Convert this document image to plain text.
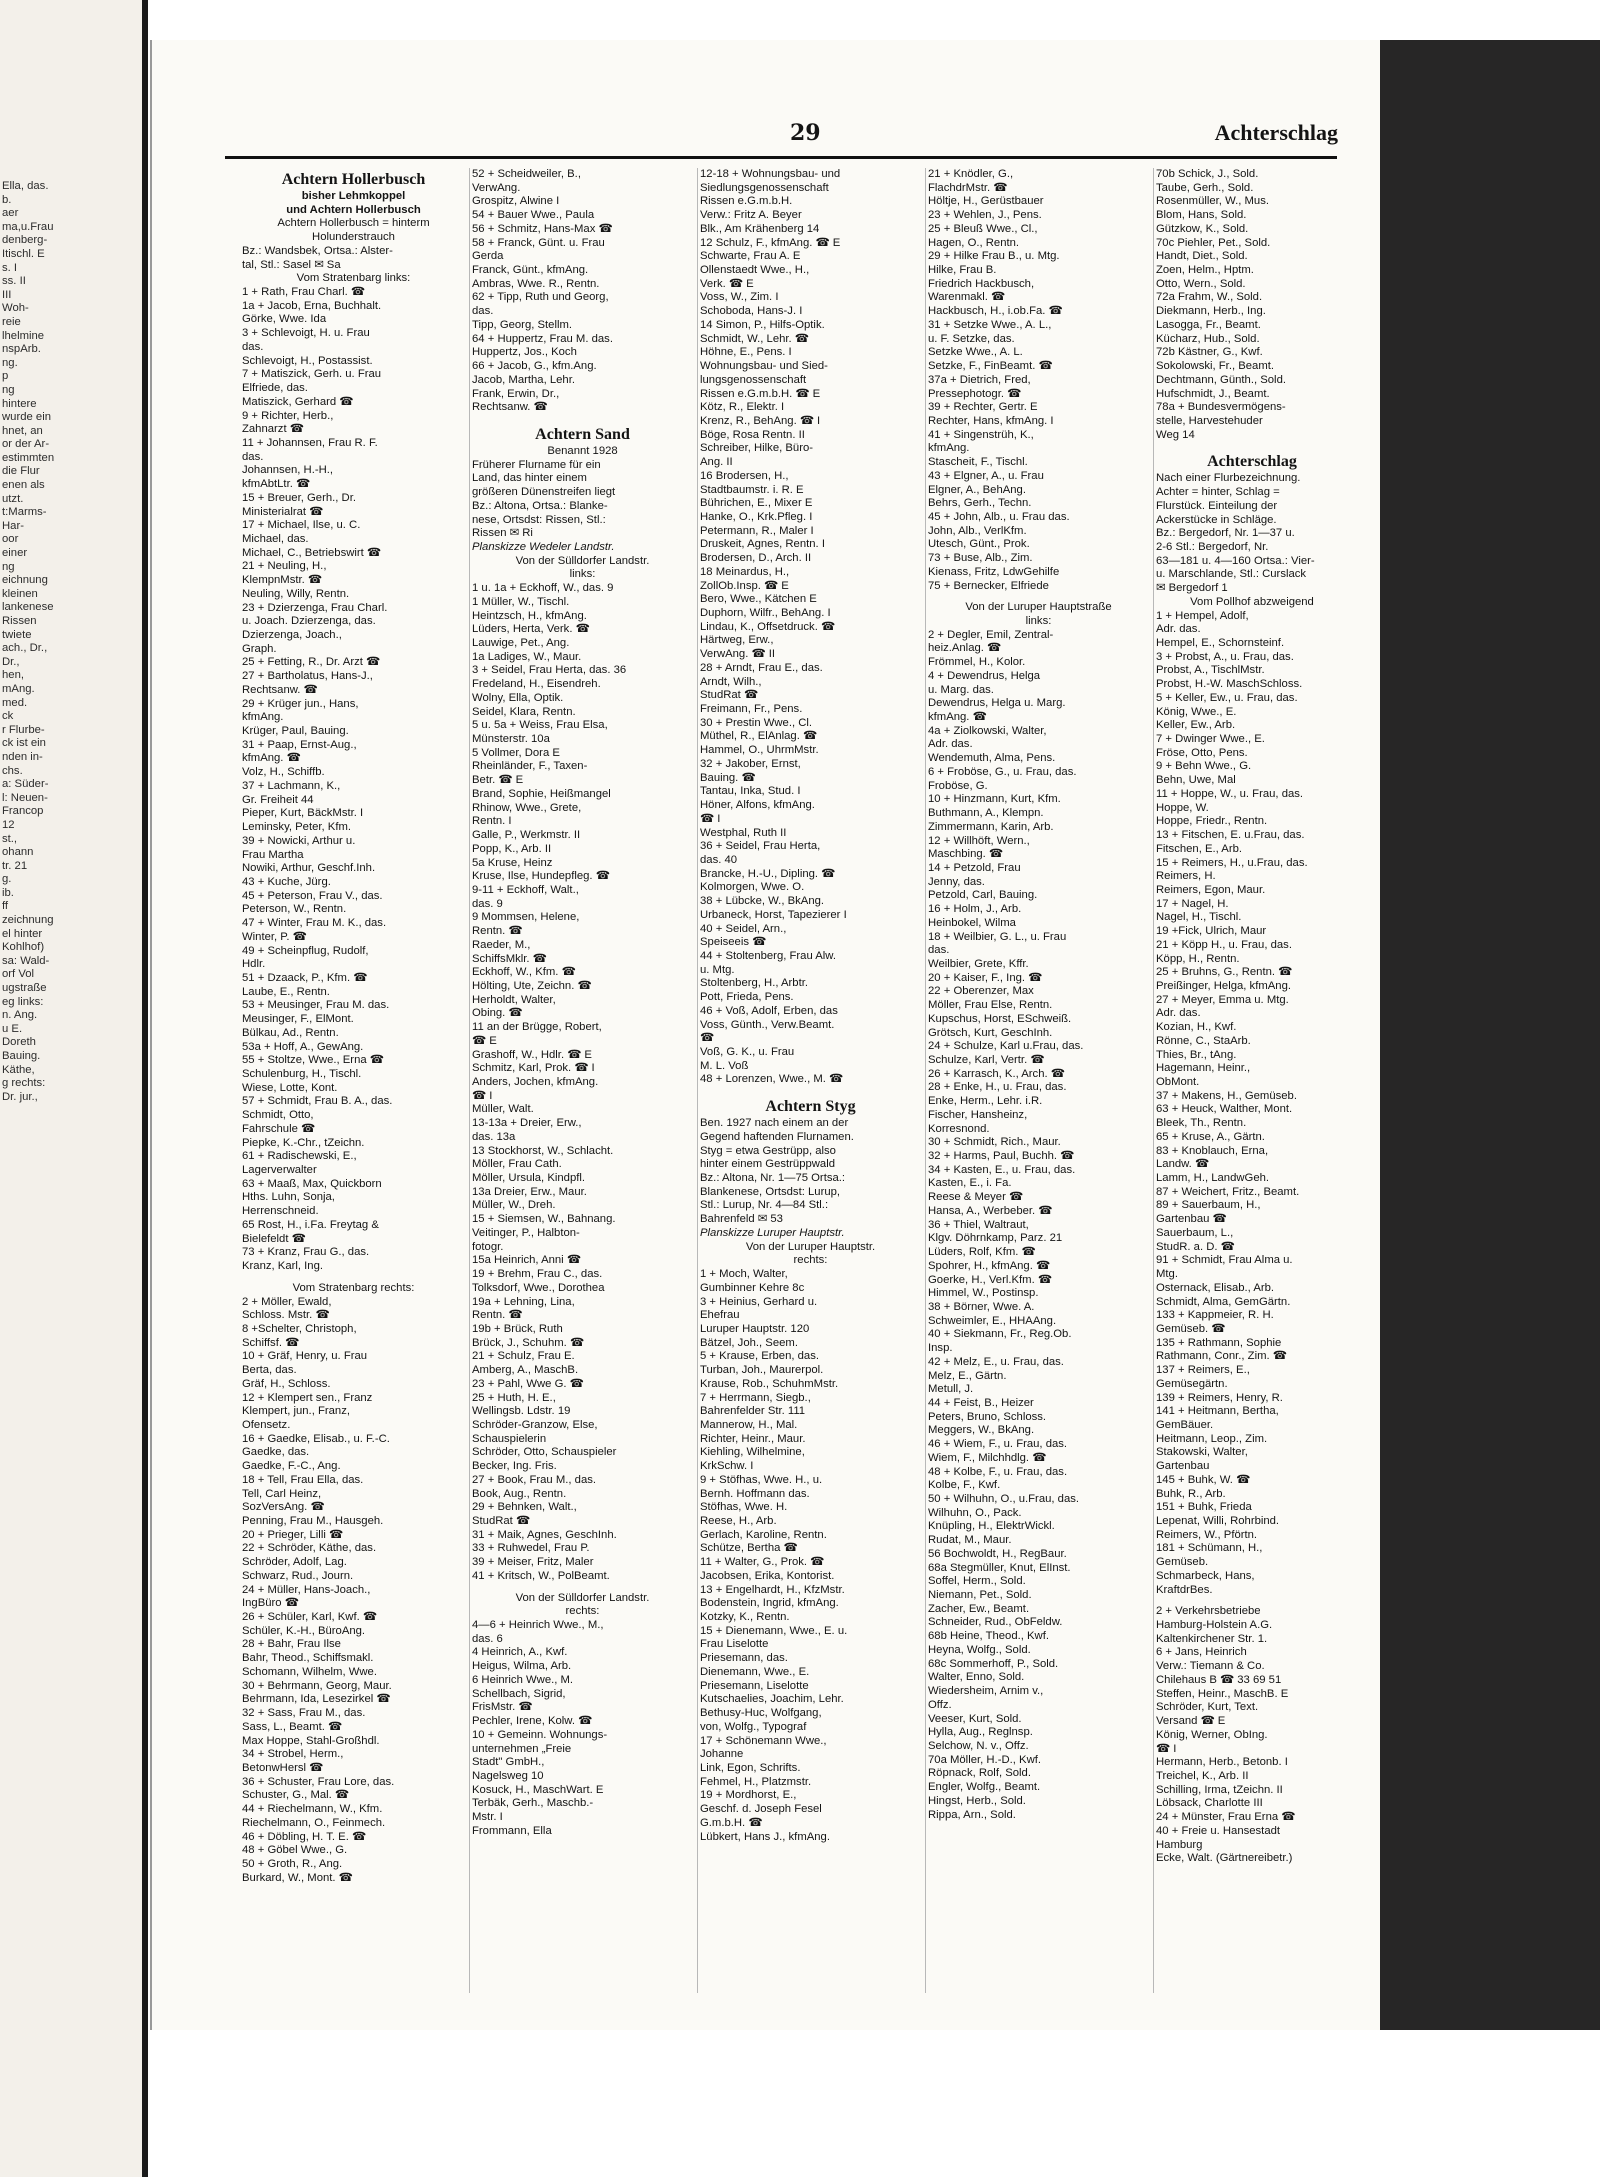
Ella, das.

b.

aer

ma,u.Frau

denberg-

Itischl. E

s. I

ss. II

III

Woh-

reie

lhelmine

nspArb.

ng.

p

ng

hintere

wurde ein

hnet, an

or der Ar-

estimmten

die Flur

enen als

utzt.

t:Marms-

Har-

oor

einer

ng

eichnung

kleinen

lankenese

Rissen

twiete

ach., Dr.,

Dr.,

hen,

mAng.

med.

ck

r Flurbe-

ck ist ein

nden in-

chs.

a: Süder-

l: Neuen-

Francop

12

st.,

ohann

tr. 21

g.

ib.

ff

zeichnung

el hinter

Kohlhof)

sa: Wald-

orf Vol

ugstraße

eg links:

n. Ang.

u E.

Doreth

Bauing.

Käthe,

g rechts:

Dr. jur.,

29	Achterschlag

Achtern Hollerbusch

bisher Lehmkoppel

und Achtern Hollerbusch

Achtern Hollerbusch = hinterm

Holunderstrauch

Bz.: Wandsbek, Ortsa.: Alster-

tal, Stl.: Sasel ✉ Sa

Vom Stratenbarg links:

1 + Rath, Frau Charl. ☎

1a + Jacob, Erna, Buchhalt.

Görke, Wwe. Ida

3 + Schlevoigt, H. u. Frau

das.

Schlevoigt, H., Postassist.

7 + Matiszick, Gerh. u. Frau

Elfriede, das.

Matiszick, Gerhard ☎

9 + Richter, Herb.,

Zahnarzt ☎

11 + Johannsen, Frau R. F.

das.

Johannsen, H.-H.,

kfmAbtLtr. ☎

15 + Breuer, Gerh., Dr.

Ministerialrat ☎

17 + Michael, Ilse, u. C.

Michael, das.

Michael, C., Betriebswirt ☎

21 + Neuling, H.,

KlempnMstr. ☎

Neuling, Willy, Rentn.

23 + Dzierzenga, Frau Charl.

u. Joach. Dzierzenga, das.

Dzierzenga, Joach.,

Graph.

25 + Fetting, R., Dr. Arzt ☎

27 + Bartholatus, Hans-J.,

Rechtsanw. ☎

29 + Krüger jun., Hans,

kfmAng.

Krüger, Paul, Bauing.

31 + Paap, Ernst-Aug.,

kfmAng. ☎

Volz, H., Schiffb.

37 + Lachmann, K.,

Gr. Freiheit 44

Pieper, Kurt, BäckMstr. I

Leminsky, Peter, Kfm.

39 + Nowicki, Arthur u.

Frau Martha

Nowiki, Arthur, Geschf.Inh.

43 + Kuche, Jürg.

45 + Peterson, Frau V., das.

Peterson, W., Rentn.

47 + Winter, Frau M. K., das.

Winter, P. ☎

49 + Scheinpflug, Rudolf,

Hdlr.

51 + Dzaack, P., Kfm. ☎

Laube, E., Rentn.

53 + Meusinger, Frau M. das.

Meusinger, F., ElMont.

Bülkau, Ad., Rentn.

53a + Hoff, A., GewAng.

55 + Stoltze, Wwe., Erna ☎

Schulenburg, H., Tischl.

Wiese, Lotte, Kont.

57 + Schmidt, Frau B. A., das.

Schmidt, Otto,

Fahrschule ☎

Piepke, K.-Chr., tZeichn.

61 + Radischewski, E.,

Lagerverwalter

63 + Maaß, Max, Quickborn

Hths. Luhn, Sonja,

Herrenschneid.

65 Rost, H., i.Fa. Freytag &

Bielefeldt ☎

73 + Kranz, Frau G., das.

Kranz, Karl, Ing.

Vom Stratenbarg rechts:

2 + Möller, Ewald,

Schloss. Mstr. ☎

8 +Schelter, Christoph,

Schiffsf. ☎

10 + Gräf, Henry, u. Frau

Berta, das.

Gräf, H., Schloss.

12 + Klempert sen., Franz

Klempert, jun., Franz,

Ofensetz.

16 + Gaedke, Elisab., u. F.-C.

Gaedke, das.

Gaedke, F.-C., Ang.

18 + Tell, Frau Ella, das.

Tell, Carl Heinz,

SozVersAng. ☎

Penning, Frau M., Hausgeh.

20 + Prieger, Lilli ☎

22 + Schröder, Käthe, das.

Schröder, Adolf, Lag.

Schwarz, Rud., Journ.

24 + Müller, Hans-Joach.,

IngBüro ☎

26 + Schüler, Karl, Kwf. ☎

Schüler, K.-H., BüroAng.

28 + Bahr, Frau Ilse

Bahr, Theod., Schiffsmakl.

Schomann, Wilhelm, Wwe.

30 + Behrmann, Georg, Maur.

Behrmann, Ida, Lesezirkel ☎

32 + Sass, Frau M., das.

Sass, L., Beamt. ☎

Max Hoppe, Stahl-Großhdl.

34 + Strobel, Herm.,

BetonwHersl ☎

36 + Schuster, Frau Lore, das.

Schuster, G., Mal. ☎

44 + Riechelmann, W., Kfm.

Riechelmann, O., Feinmech.

46 + Döbling, H. T. E. ☎

48 + Göbel Wwe., G.

50 + Groth, R., Ang.

Burkard, W., Mont. ☎

52 + Scheidweiler, B.,

VerwAng.

Grospitz, Alwine I

54 + Bauer Wwe., Paula

56 + Schmitz, Hans-Max ☎

58 + Franck, Günt. u. Frau

Gerda

Franck, Günt., kfmAng.

Ambras, Wwe. R., Rentn.

62 + Tipp, Ruth und Georg,

das.

Tipp, Georg, Stellm.

64 + Huppertz, Frau M. das.

Huppertz, Jos., Koch

66 + Jacob, G., kfm.Ang.

Jacob, Martha, Lehr.

Frank, Erwin, Dr.,

Rechtsanw. ☎

Achtern Sand

Benannt 1928

Früherer Flurname für ein

Land, das hinter einem

größeren Dünenstreifen liegt

Bz.: Altona, Ortsa.: Blanke-

nese, Ortsdst: Rissen, Stl.:

Rissen ✉ Ri

Planskizze Wedeler Landstr.

Von der Sülldorfer Landstr.

links:

1 u. 1a + Eckhoff, W., das. 9

1 Müller, W., Tischl.

Heintzsch, H., kfmAng.

Lüders, Herta, Verk. ☎

Lauwige, Pet., Ang.

1a Ladiges, W., Maur.

3 + Seidel, Frau Herta, das. 36

Fredeland, H., Eisendreh.

Wolny, Ella, Optik.

Seidel, Klara, Rentn.

5 u. 5a + Weiss, Frau Elsa,

Münsterstr. 10a

5 Vollmer, Dora E

Rheinländer, F., Taxen-

Betr. ☎ E

Brand, Sophie, Heißmangel

Rhinow, Wwe., Grete,

Rentn. I

Galle, P., Werkmstr. II

Popp, K., Arb. II

5a Kruse, Heinz

Kruse, Ilse, Hundepfleg. ☎

9-11 + Eckhoff, Walt.,

das. 9

9 Mommsen, Helene,

Rentn. ☎

Raeder, M.,

SchiffsMklr. ☎

Eckhoff, W., Kfm. ☎

Hölting, Ute, Zeichn. ☎

Herholdt, Walter,

Obing. ☎

11 an der Brügge, Robert,

☎ E

Grashoff, W., Hdlr. ☎ E

Schmitz, Karl, Prok. ☎ I

Anders, Jochen, kfmAng.

☎ I

Müller, Walt.

13-13a + Dreier, Erw.,

das. 13a

13 Stockhorst, W., Schlacht.

Möller, Frau Cath.

Möller, Ursula, Kindpfl.

13a Dreier, Erw., Maur.

Müller, W., Dreh.

15 + Siemsen, W., Bahnang.

Veitinger, P., Halbton-

fotogr.

15a Heinrich, Anni ☎

19 + Brehm, Frau C., das.

Tolksdorf, Wwe., Dorothea

19a + Lehning, Lina,

Rentn. ☎

19b + Brück, Ruth

Brück, J., Schuhm. ☎

21 + Schulz, Frau E.

Amberg, A., MaschB.

23 + Pahl, Wwe G. ☎

25 + Huth, H. E.,

Wellingsb. Ldstr. 19

Schröder-Granzow, Else,

Schauspielerin

Schröder, Otto, Schauspieler

Becker, Ing. Fris.

27 + Book, Frau M., das.

Book, Aug., Rentn.

29 + Behnken, Walt.,

StudRat ☎

31 + Maik, Agnes, GeschInh.

33 + Ruhwedel, Frau P.

39 + Meiser, Fritz, Maler

41 + Kritsch, W., PolBeamt.

Von der Sülldorfer Landstr.

rechts:

4—6 + Heinrich Wwe., M.,

das. 6

4 Heinrich, A., Kwf.

Heigus, Wilma, Arb.

6 Heinrich Wwe., M.

Schellbach, Sigrid,

FrisMstr. ☎

Pechler, Irene, Kolw. ☎

10 + Gemeinn. Wohnungs-

unternehmen „Freie

Stadt" GmbH.,

Nagelsweg 10

Kosuck, H., MaschWart. E

Terbäk, Gerh., Maschb.-

Mstr. I

Frommann, Ella

12-18 + Wohnungsbau- und

Siedlungsgenossenschaft

Rissen e.G.m.b.H.

Verw.: Fritz A. Beyer

Blk., Am Krähenberg 14

12 Schulz, F., kfmAng. ☎ E

Schwarte, Frau A. E

Ollenstaedt Wwe., H.,

Verk. ☎ E

Voss, W., Zim. I

Schoboda, Hans-J. I

14 Simon, P., Hilfs-Optik.

Schmidt, W., Lehr. ☎

Höhne, E., Pens. I

Wohnungsbau- und Sied-

lungsgenossenschaft

Rissen e.G.m.b.H. ☎ E

Kötz, R., Elektr. I

Krenz, R., BehAng. ☎ I

Böge, Rosa Rentn. II

Schreiber, Hilke, Büro-

Ang. II

16 Brodersen, H.,

Stadtbaumstr. i. R. E

Bührichen, E., Mixer E

Hanke, O., Krk.Pfleg. I

Petermann, R., Maler I

Druskeit, Agnes, Rentn. I

Brodersen, D., Arch. II

18 Meinardus, H.,

ZollOb.Insp. ☎ E

Bero, Wwe., Kätchen E

Duphorn, Wilfr., BehAng. I

Lindau, K., Offsetdruck. ☎

Härtweg, Erw.,

VerwAng. ☎ II

28 + Arndt, Frau E., das.

Arndt, Wilh.,

StudRat ☎

Freimann, Fr., Pens.

30 + Prestin Wwe., Cl.

Müthel, R., ElAnlag. ☎

Hammel, O., UhrmMstr.

32 + Jakober, Ernst,

Bauing. ☎

Tantau, Inka, Stud. I

Höner, Alfons, kfmAng.

☎ I

Westphal, Ruth II

36 + Seidel, Frau Herta,

das. 40

Brancke, H.-U., Dipling. ☎

Kolmorgen, Wwe. O.

38 + Lübcke, W., BkAng.

Urbaneck, Horst, Tapezierer I

40 + Seidel, Arn.,

Speiseeis ☎

44 + Stoltenberg, Frau Alw.

u. Mtg.

Stoltenberg, H., Arbtr.

Pott, Frieda, Pens.

46 + Voß, Adolf, Erben, das

Voss, Günth., Verw.Beamt.

☎

Voß, G. K., u. Frau

M. L. Voß

48 + Lorenzen, Wwe., M. ☎

Achtern Styg

Ben. 1927 nach einem an der

Gegend haftenden Flurnamen.

Styg = etwa Gestrüpp, also

hinter einem Gestrüppwald

Bz.: Altona, Nr. 1—75 Ortsa.:

Blankenese, Ortsdst: Lurup,

Stl.: Lurup, Nr. 4—84 Stl.:

Bahrenfeld ✉ 53

Planskizze Luruper Hauptstr.

Von der Luruper Hauptstr.

rechts:

1 + Moch, Walter,

Gumbinner Kehre 8c

3 + Heinius, Gerhard u.

Ehefrau

Luruper Hauptstr. 120

Bätzel, Joh., Seem.

5 + Krause, Erben, das.

Turban, Joh., Maurerpol.

Krause, Rob., SchuhmMstr.

7 + Herrmann, Siegb.,

Bahrenfelder Str. 111

Mannerow, H., Mal.

Richter, Heinr., Maur.

Kiehling, Wilhelmine,

KrkSchw. I

9 + Stöfhas, Wwe. H., u.

Bernh. Hoffmann das.

Stöfhas, Wwe. H.

Reese, H., Arb.

Gerlach, Karoline, Rentn.

Schütze, Bertha ☎

11 + Walter, G., Prok. ☎

Jacobsen, Erika, Kontorist.

13 + Engelhardt, H., KfzMstr.

Bodenstein, Ingrid, kfmAng.

Kotzky, K., Rentn.

15 + Dienemann, Wwe., E. u.

Frau Liselotte

Priesemann, das.

Dienemann, Wwe., E.

Priesemann, Liselotte

Kutschaelies, Joachim, Lehr.

Bethusy-Huc, Wolfgang,

von, Wolfg., Typograf

17 + Schönemann Wwe.,

Johanne

Link, Egon, Schrifts.

Fehmel, H., Platzmstr.

19 + Mordhorst, E.,

Geschf. d. Joseph Fesel

G.m.b.H. ☎

Lübkert, Hans J., kfmAng.

21 + Knödler, G.,

FlachdrMstr. ☎

Höltje, H., Gerüstbauer

23 + Wehlen, J., Pens.

25 + Bleuß Wwe., Cl.,

Hagen, O., Rentn.

29 + Hilke Frau B., u. Mtg.

Hilke, Frau B.

Friedrich Hackbusch,

Warenmakl. ☎

Hackbusch, H., i.ob.Fa. ☎

31 + Setzke Wwe., A. L.,

u. F. Setzke, das.

Setzke Wwe., A. L.

Setzke, F., FinBeamt. ☎

37a + Dietrich, Fred,

Pressephotogr. ☎

39 + Rechter, Gertr. E

Rechter, Hans, kfmAng. I

41 + Singenstrüh, K.,

kfmAng.

Stascheit, F., Tischl.

43 + Elgner, A., u. Frau

Elgner, A., BehAng.

Behrs, Gerh., Techn.

45 + John, Alb., u. Frau das.

John, Alb., VerlKfm.

Utesch, Günt., Prok.

73 + Buse, Alb., Zim.

Kienass, Fritz, LdwGehilfe

75 + Bernecker, Elfriede

Von der Luruper Hauptstraße

links:

2 + Degler, Emil, Zentral-

heiz.Anlag. ☎

Frömmel, H., Kolor.

4 + Dewendrus, Helga

u. Marg. das.

Dewendrus, Helga u. Marg.

kfmAng. ☎

4a + Ziolkowski, Walter,

Adr. das.

Wendemuth, Alma, Pens.

6 + Froböse, G., u. Frau, das.

Froböse, G.

10 + Hinzmann, Kurt, Kfm.

Buthmann, A., Klempn.

Zimmermann, Karin, Arb.

12 + Willhöft, Wern.,

Maschbing. ☎

14 + Petzold, Frau

Jenny, das.

Petzold, Carl, Bauing.

16 + Holm, J., Arb.

Heinbokel, Wilma

18 + Weilbier, G. L., u. Frau

das.

Weilbier, Grete, Kffr.

20 + Kaiser, F., Ing. ☎

22 + Oberenzer, Max

Möller, Frau Else, Rentn.

Kupschus, Horst, ESchweiß.

Grötsch, Kurt, GeschInh.

24 + Schulze, Karl u.Frau, das.

Schulze, Karl, Vertr. ☎

26 + Karrasch, K., Arch. ☎

28 + Enke, H., u. Frau, das.

Enke, Herm., Lehr. i.R.

Fischer, Hansheinz,

Korresnond.

30 + Schmidt, Rich., Maur.

32 + Harms, Paul, Buchh. ☎

34 + Kasten, E., u. Frau, das.

Kasten, E., i. Fa.

Reese & Meyer ☎

Hansa, A., Werbeber. ☎

36 + Thiel, Waltraut,

Klgv. Döhrnkamp, Parz. 21

Lüders, Rolf, Kfm. ☎

Spohrer, H., kfmAng. ☎

Goerke, H., Verl.Kfm. ☎

Himmel, W., Postinsp.

38 + Börner, Wwe. A.

Schweimler, E., HHAAng.

40 + Siekmann, Fr., Reg.Ob.

Insp.

42 + Melz, E., u. Frau, das.

Melz, E., Gärtn.

Metull, J.

44 + Feist, B., Heizer

Peters, Bruno, Schloss.

Meggers, W., BkAng.

46 + Wiem, F., u. Frau, das.

Wiem, F., Milchhdlg. ☎

48 + Kolbe, F., u. Frau, das.

Kolbe, F., Kwf.

50 + Wilhuhn, O., u.Frau, das.

Wilhuhn, O., Pack.

Knüpling, H., ElektrWickl.

Rudat, M., Maur.

56 Bochwoldt, H., RegBaur.

68a Stegmüller, Knut, ElInst.

Soffel, Herm., Sold.

Niemann, Pet., Sold.

Zacher, Ew., Beamt.

Schneider, Rud., ObFeldw.

68b Heine, Theod., Kwf.

Heyna, Wolfg., Sold.

68c Sommerhoff, P., Sold.

Walter, Enno, Sold.

Wiedersheim, Arnim v.,

Offz.

Veeser, Kurt, Sold.

Hylla, Aug., Reglnsp.

Selchow, N. v., Offz.

70a Möller, H.-D., Kwf.

Röpnack, Rolf, Sold.

Engler, Wolfg., Beamt.

Hingst, Herb., Sold.

Rippa, Arn., Sold.

70b Schick, J., Sold.

Taube, Gerh., Sold.

Rosenmüller, W., Mus.

Blom, Hans, Sold.

Gützkow, K., Sold.

70c Piehler, Pet., Sold.

Handt, Diet., Sold.

Zoen, Helm., Hptm.

Otto, Wern., Sold.

72a Frahm, W., Sold.

Diekmann, Herb., Ing.

Lasogga, Fr., Beamt.

Kücharz, Hub., Sold.

72b Kästner, G., Kwf.

Sokolowski, Fr., Beamt.

Dechtmann, Günth., Sold.

Hufschmidt, J., Beamt.

78a + Bundesvermögens-

stelle, Harvestehuder

Weg 14

Achterschlag

Nach einer Flurbezeichnung.

Achter = hinter, Schlag =

Flurstück. Einteilung der

Ackerstücke in Schläge.

Bz.: Bergedorf, Nr. 1—37 u.

2-6 Stl.: Bergedorf, Nr.

63—181 u. 4—160 Ortsa.: Vier-

u. Marschlande, Stl.: Curslack

✉ Bergedorf 1

Vom Pollhof abzweigend

1 + Hempel, Adolf,

Adr. das.

Hempel, E., Schornsteinf.

3 + Probst, A., u. Frau, das.

Probst, A., TischlMstr.

Probst, H.-W. MaschSchloss.

5 + Keller, Ew., u. Frau, das.

König, Wwe., E.

Keller, Ew., Arb.

7 + Dwinger Wwe., E.

Fröse, Otto, Pens.

9 + Behn Wwe., G.

Behn, Uwe, Mal

11 + Hoppe, W., u. Frau, das.

Hoppe, W.

Hoppe, Friedr., Rentn.

13 + Fitschen, E. u.Frau, das.

Fitschen, E., Arb.

15 + Reimers, H., u.Frau, das.

Reimers, H.

Reimers, Egon, Maur.

17 + Nagel, H.

Nagel, H., Tischl.

19 +Fick, Ulrich, Maur

21 + Köpp H., u. Frau, das.

Köpp, H., Rentn.

25 + Bruhns, G., Rentn. ☎

Preißinger, Helga, kfmAng.

27 + Meyer, Emma u. Mtg.

Adr. das.

Kozian, H., Kwf.

Rönne, C., StaArb.

Thies, Br., tAng.

Hagemann, Heinr.,

ObMont.

37 + Makens, H., Gemüseb.

63 + Heuck, Walther, Mont.

Bleek, Th., Rentn.

65 + Kruse, A., Gärtn.

83 + Knoblauch, Erna,

Landw. ☎

Lamm, H., LandwGeh.

87 + Weichert, Fritz., Beamt.

89 + Sauerbaum, H.,

Gartenbau ☎

Sauerbaum, L.,

StudR. a. D. ☎

91 + Schmidt, Frau Alma u.

Mtg.

Osternack, Elisab., Arb.

Schmidt, Alma, GemGärtn.

133 + Kappmeier, R. H.

Gemüseb. ☎

135 + Rathmann, Sophie

Rathmann, Conr., Zim. ☎

137 + Reimers, E.,

Gemüsegärtn.

139 + Reimers, Henry, R.

141 + Heitmann, Bertha,

GemBäuer.

Heitmann, Leop., Zim.

Stakowski, Walter,

Gartenbau

145 + Buhk, W. ☎

Buhk, R., Arb.

151 + Buhk, Frieda

Lepenat, Willi, Rohrbind.

Reimers, W., Pförtn.

181 + Schümann, H.,

Gemüseb.

Schmarbeck, Hans,

KraftdrBes.

2 + Verkehrsbetriebe

Hamburg-Holstein A.G.

Kaltenkirchener Str. 1.

6 + Jans, Heinrich

Verw.: Tiemann & Co.

Chilehaus B ☎ 33 69 51

Steffen, Heinr., MaschB. E

Schröder, Kurt, Text.

Versand ☎ E

König, Werner, ObIng.

☎ I

Hermann, Herb., Betonb. I

Treichel, K., Arb. II

Schilling, Irma, tZeichn. II

Löbsack, Charlotte III

24 + Münster, Frau Erna ☎

40 + Freie u. Hansestadt

Hamburg

Ecke, Walt. (Gärtnereibetr.)
